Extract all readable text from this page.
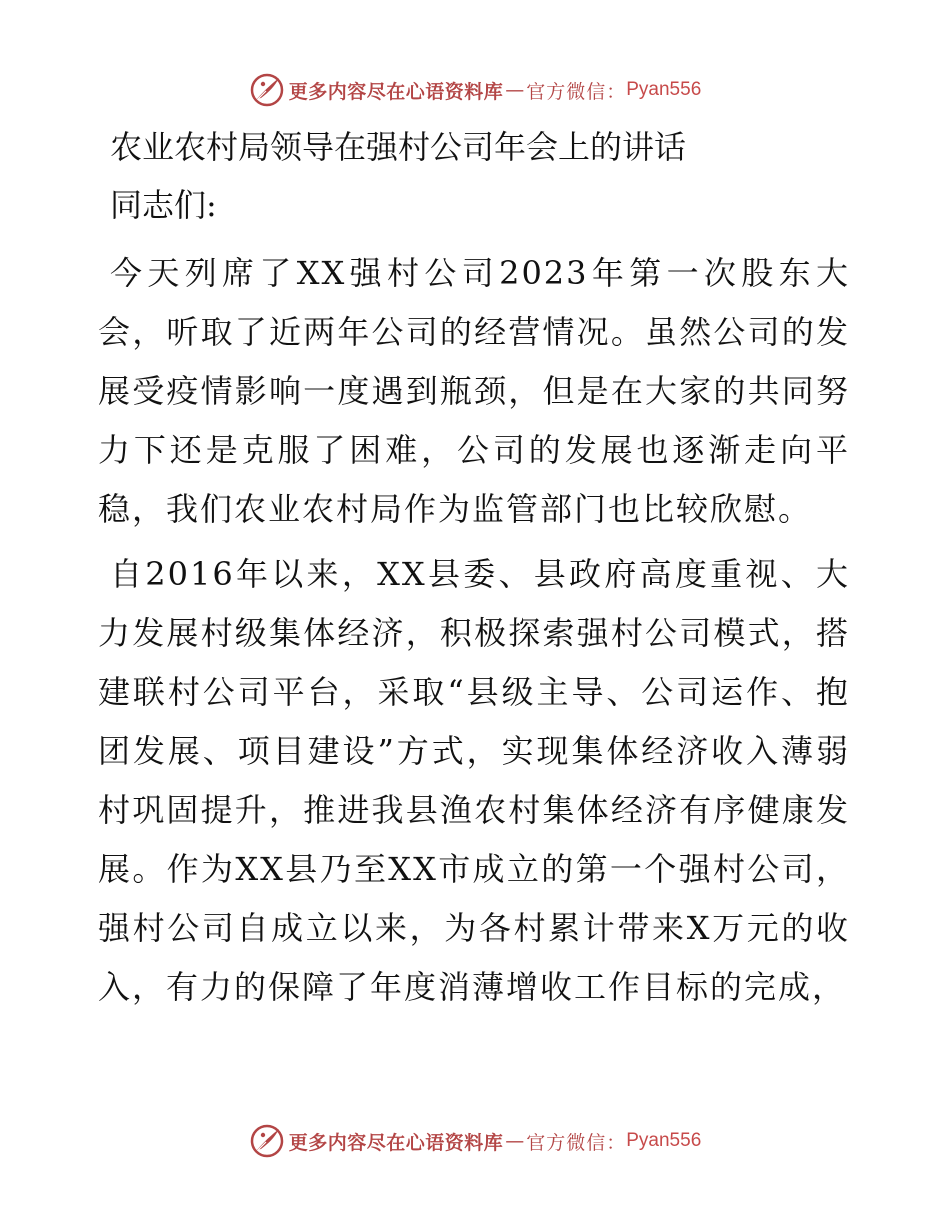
更多内容尽在心语资料库 — 官方微信： Pyan556
农业农村局领导在强村公司年会上的讲话

同志们:

今天列席了XX强村公司2023年第一次股东大会，听取了近两年公司的经营情况。虽然公司的发展受疫情影响一度遇到瓶颈，但是在大家的共同努力下还是克服了困难，公司的发展也逐渐走向平稳，我们农业农村局作为监管部门也比较欣慰。

自2016年以来，XX县委、县政府高度重视、大力发展村级集体经济，积极探索强村公司模式，搭建联村公司平台，采取“县级主导、公司运作、抱团发展、项目建设”方式，实现集体经济收入薄弱村巩固提升，推进我县渔农村集体经济有序健康发展。作为XX县乃至XX市成立的第一个强村公司，强村公司自成立以来，为各村累计带来X万元的收入，有力的保障了年度消薄增收工作目标的完成，

更多内容尽在心语资料库 — 官方微信： Pyan556
